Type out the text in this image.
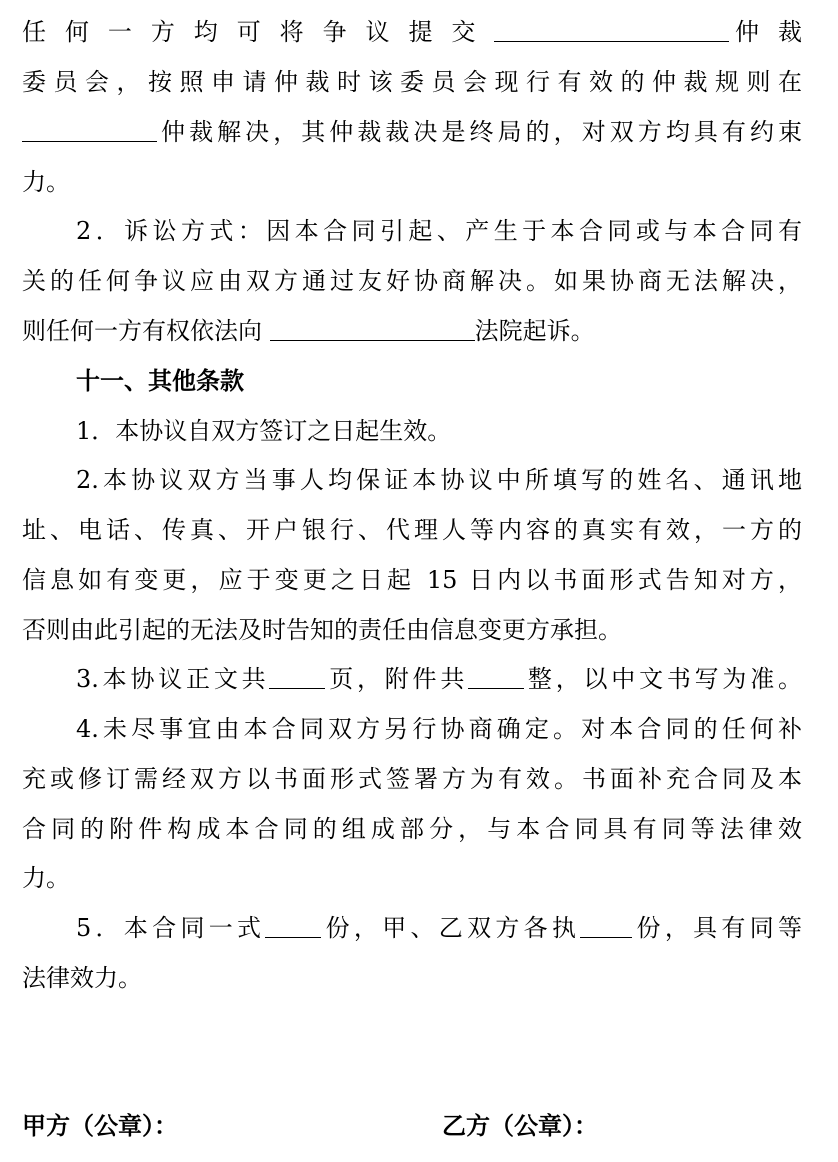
任 何 一 方 均 可 将 争 议 提 交	仲 裁
委员会，按照申请仲裁时该委员会现行有效的仲裁规则在
仲裁解决，其仲裁裁决是终局的，对双方均具有约束
力。
2．诉讼方式：因本合同引起、产生于本合同或与本合同有
关的任何争议应由双方通过友好协商解决。如果协商无法解决，
则任何一方有权依法向	法院起诉。
十一、其他条款
1．本协议自双方签订之日起生效。
2.本协议双方当事人均保证本协议中所填写的姓名、通讯地
址、电话、传真、开户银行、代理人等内容的真实有效，一方的
信息如有变更，应于变更之日起 15 日内以书面形式告知对方，
否则由此引起的无法及时告知的责任由信息变更方承担。
3.本协议正文共 页，附件共 整，以中文书写为准。
4.未尽事宜由本合同双方另行协商确定。对本合同的任何补
充或修订需经双方以书面形式签署方为有效。书面补充合同及本
合同的附件构成本合同的组成部分，与本合同具有同等法律效
力。
5．本合同一式 份，甲、乙双方各执 份，具有同等
法律效力。
甲方（公章）：	乙方（公章）：
